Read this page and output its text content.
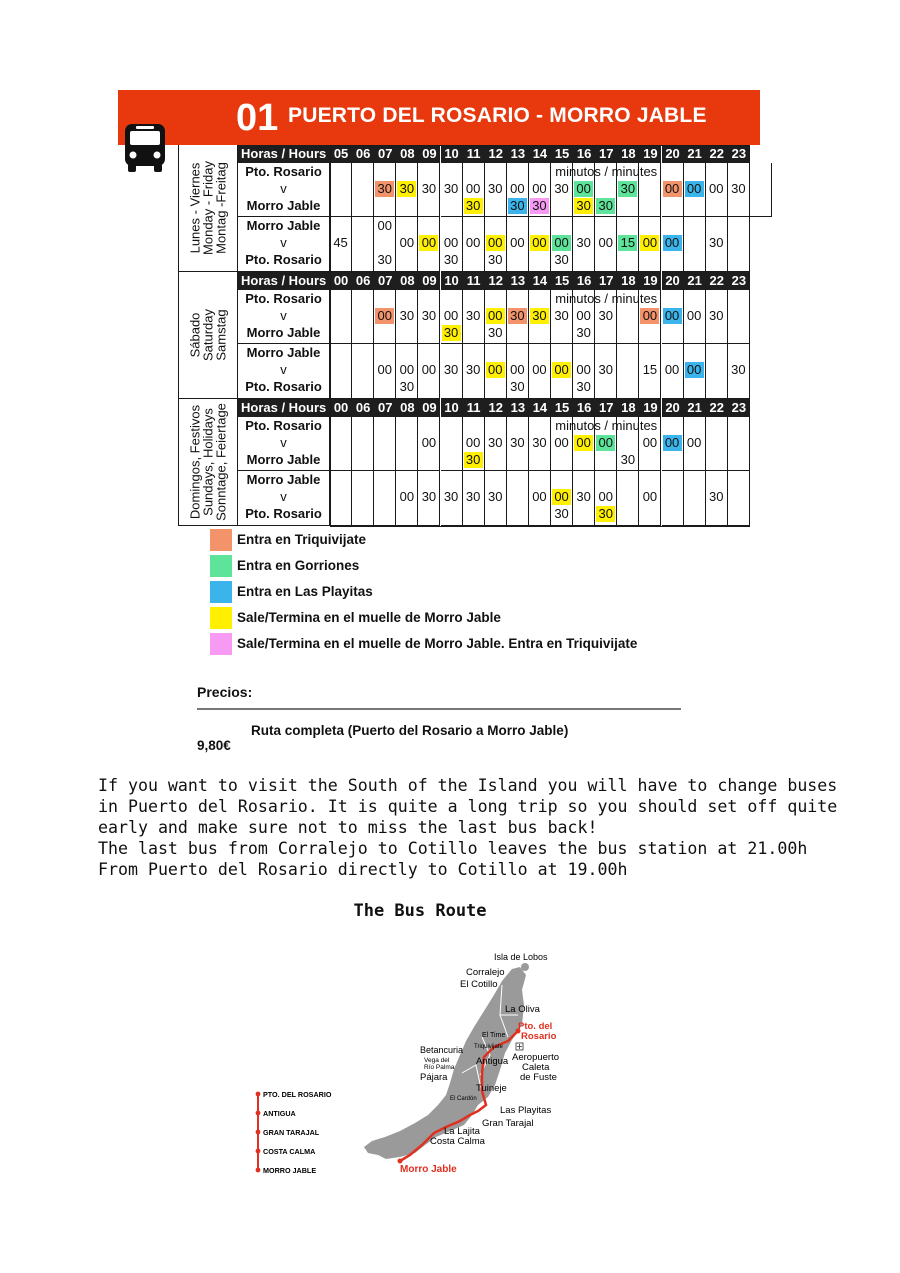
01 PUERTO DEL ROSARIO - MORRO JABLE
Lunes - Viernes
Monday - Friday
Montag -Freitag
Horas / Hours 05 06 07 08 09 10 11 12 13 14 15 16 17 18 19 20 21 22 23
Pto. Rosario
v
Morro Jable
30 30 30 30 00
30
30 00
30
00
30
30 00
30 30
30 00 00 00 30
minutos / minutes
Morro Jable
v
Pto. Rosario
45
00
30
00 00 00
30
00 00
30
00 00 00
30
30 00 15 00 00 30
Sábado
Saturday
Samstag
Horas / Hours 00 06 07 08 09 10 11 12 13 14 15 16 17 18 19 20 21 22 23
Pto. Rosario
v
Morro Jable
00 30 30 00
30
30 00
30
30 30 30 00
30
30 00 00 00 30
minutos / minutes
Morro Jable
v
Pto. Rosario
00 00
30
00 30 30 00 00
30
00 00 00
30
30 15 00 00 30
Domingos, Festivos
Sundays, Holidays
Sonntage, Feiertage Horas / Hours 00 06 07 08 09 10 11 12 13 14 15 16 17 18 19 20 21 22 23
Pto. Rosario
v
Morro Jable
00 00
30
30 30 30 00 00 00
30
00 00 00
minutos / minutes
Morro Jable
v
Pto. Rosario
00 30 30 30 30 00 00
30
30 00
30
00	30
Entra en Triquivijate
Entra en Gorriones
Entra en Las Playitas
Sale/Termina en el muelle de Morro Jable
Sale/Termina en el muelle de Morro Jable. Entra en Triquivijate
Precios:
Ruta completa (Puerto del Rosario a Morro Jable)
9,80€
If you want to visit the South of the Island you will have to change buses
in Puerto del Rosario. It is quite a long trip so you should set off quite
early and make sure not to miss the last bus back!
The last bus from Corralejo to Cotillo leaves the bus station at 21.00h
From Puerto del Rosario directly to Cotillo at 19.00h
The Bus Route
Isla de Lobos
Corralejo
El Cotillo
La Oliva
Pto. del
Rosario
El Time
Triquivijate
Betancuria
Vega del
Río Palma
Antigua Aeropuerto
Caleta
de Fuste
Pájara
Tuineje
El Cardón
Las Playitas
Gran Tarajal
La Lajita
Costa Calma
Morro Jable
PTO. DEL ROSARIO
ANTIGUA
GRAN TARAJAL
COSTA CALMA
MORRO JABLE
